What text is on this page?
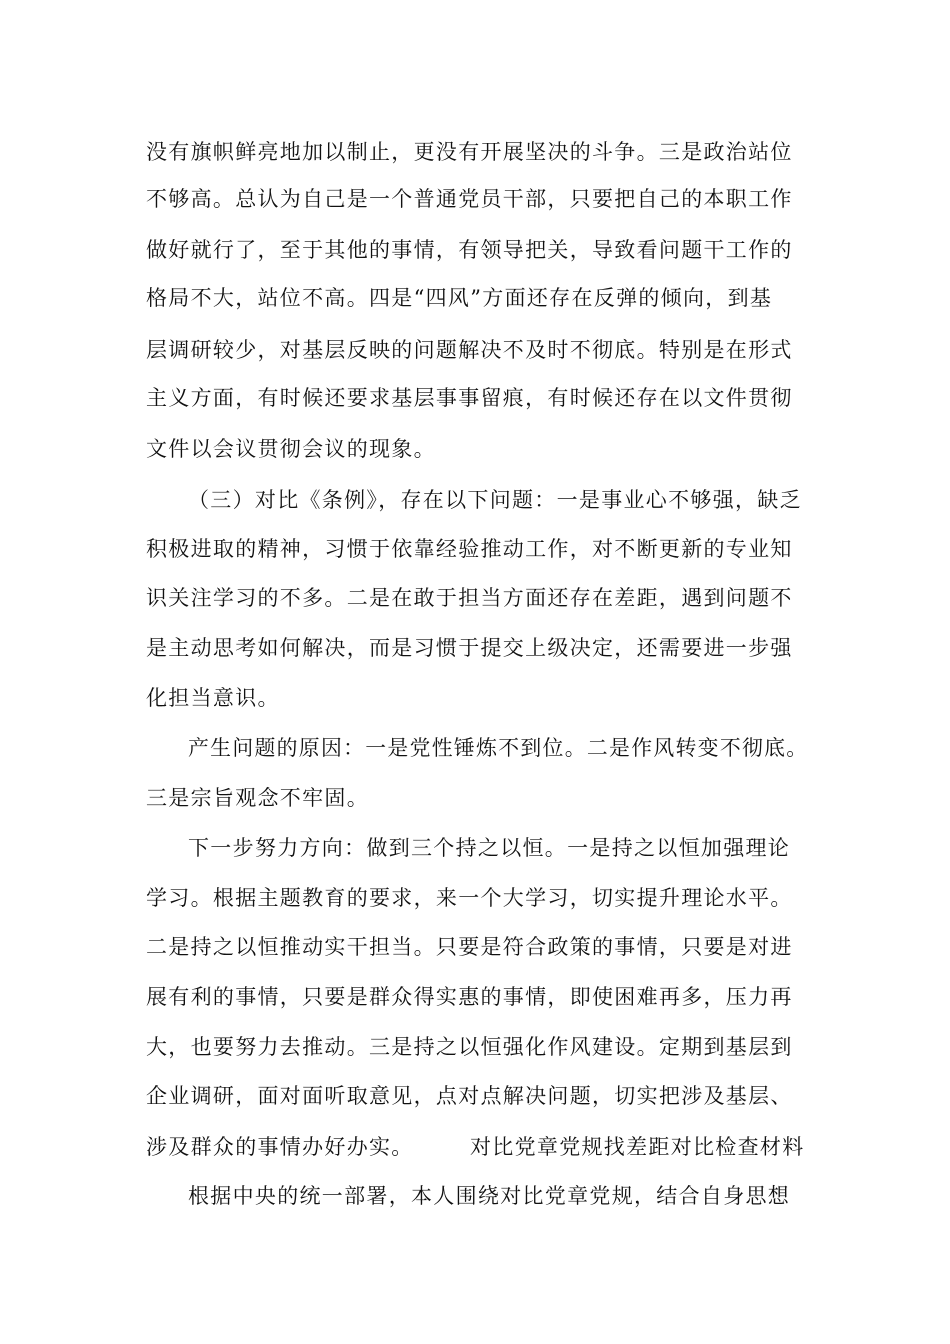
没有旗帜鲜亮地加以制止，更没有开展坚决的斗争。三是政治站位
不够高。总认为自己是一个普通党员干部，只要把自己的本职工作
做好就行了，至于其他的事情，有领导把关，导致看问题干工作的
格局不大，站位不高。四是“四风”方面还存在反弹的倾向，到基
层调研较少，对基层反映的问题解决不及时不彻底。特别是在形式
主义方面，有时候还要求基层事事留痕，有时候还存在以文件贯彻
文件以会议贯彻会议的现象。
（三）对比《条例》，存在以下问题：一是事业心不够强，缺乏
积极进取的精神，习惯于依靠经验推动工作，对不断更新的专业知
识关注学习的不多。二是在敢于担当方面还存在差距，遇到问题不
是主动思考如何解决，而是习惯于提交上级决定，还需要进一步强
化担当意识。
产生问题的原因：一是党性锤炼不到位。二是作风转变不彻底。
三是宗旨观念不牢固。
下一步努力方向：做到三个持之以恒。一是持之以恒加强理论
学习。根据主题教育的要求，来一个大学习，切实提升理论水平。
二是持之以恒推动实干担当。只要是符合政策的事情，只要是对进
展有利的事情，只要是群众得实惠的事情，即使困难再多，压力再
大，也要努力去推动。三是持之以恒强化作风建设。定期到基层到
企业调研，面对面听取意见，点对点解决问题，切实把涉及基层、
涉及群众的事情办好办实。　　　对比党章党规找差距对比检查材料
根据中央的统一部署，本人围绕对比党章党规，结合自身思想
